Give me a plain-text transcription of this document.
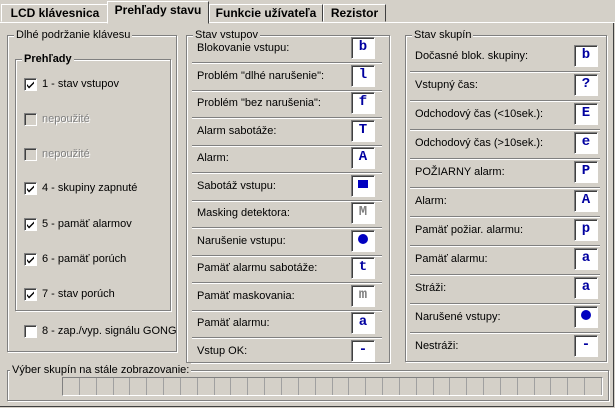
LCD klávesnica	Prehľady stavu	Funkcie užívateľa	Rezistor
Dlhé podržanie klávesu
Prehľady
1 - stav vstupov
nepoužité
nepoužité
4 - skupiny zapnuté
5 - pamäť alarmov
6 - pamäť porúch
7 - stav porúch
8 - zap./vyp. signálu GONG
Stav vstupov
Blokovanie vstupu:	b
Problém "dlhé narušenie":	l
Problém "bez narušenia":	f
Alarm sabotáže:	T
Alarm:	A
Sabotáž vstupu:
Masking detektora:	M
Narušenie vstupu:
Pamäť alarmu sabotáže:	t
Pamäť maskovania:	m
Pamäť alarmu:	a
Vstup OK:	-
Stav skupín
Dočasné blok. skupiny:	b
Vstupný čas:	?
Odchodový čas (<10sek.):	E
Odchodový čas (>10sek.):	e
POŽIARNY alarm:	P
Alarm:	A
Pamäť požiar. alarmu:	p
Pamäť alarmu:	a
Stráži:	a
Narušené vstupy:
Nestráži:	-
Výber skupín na stále zobrazovanie:
